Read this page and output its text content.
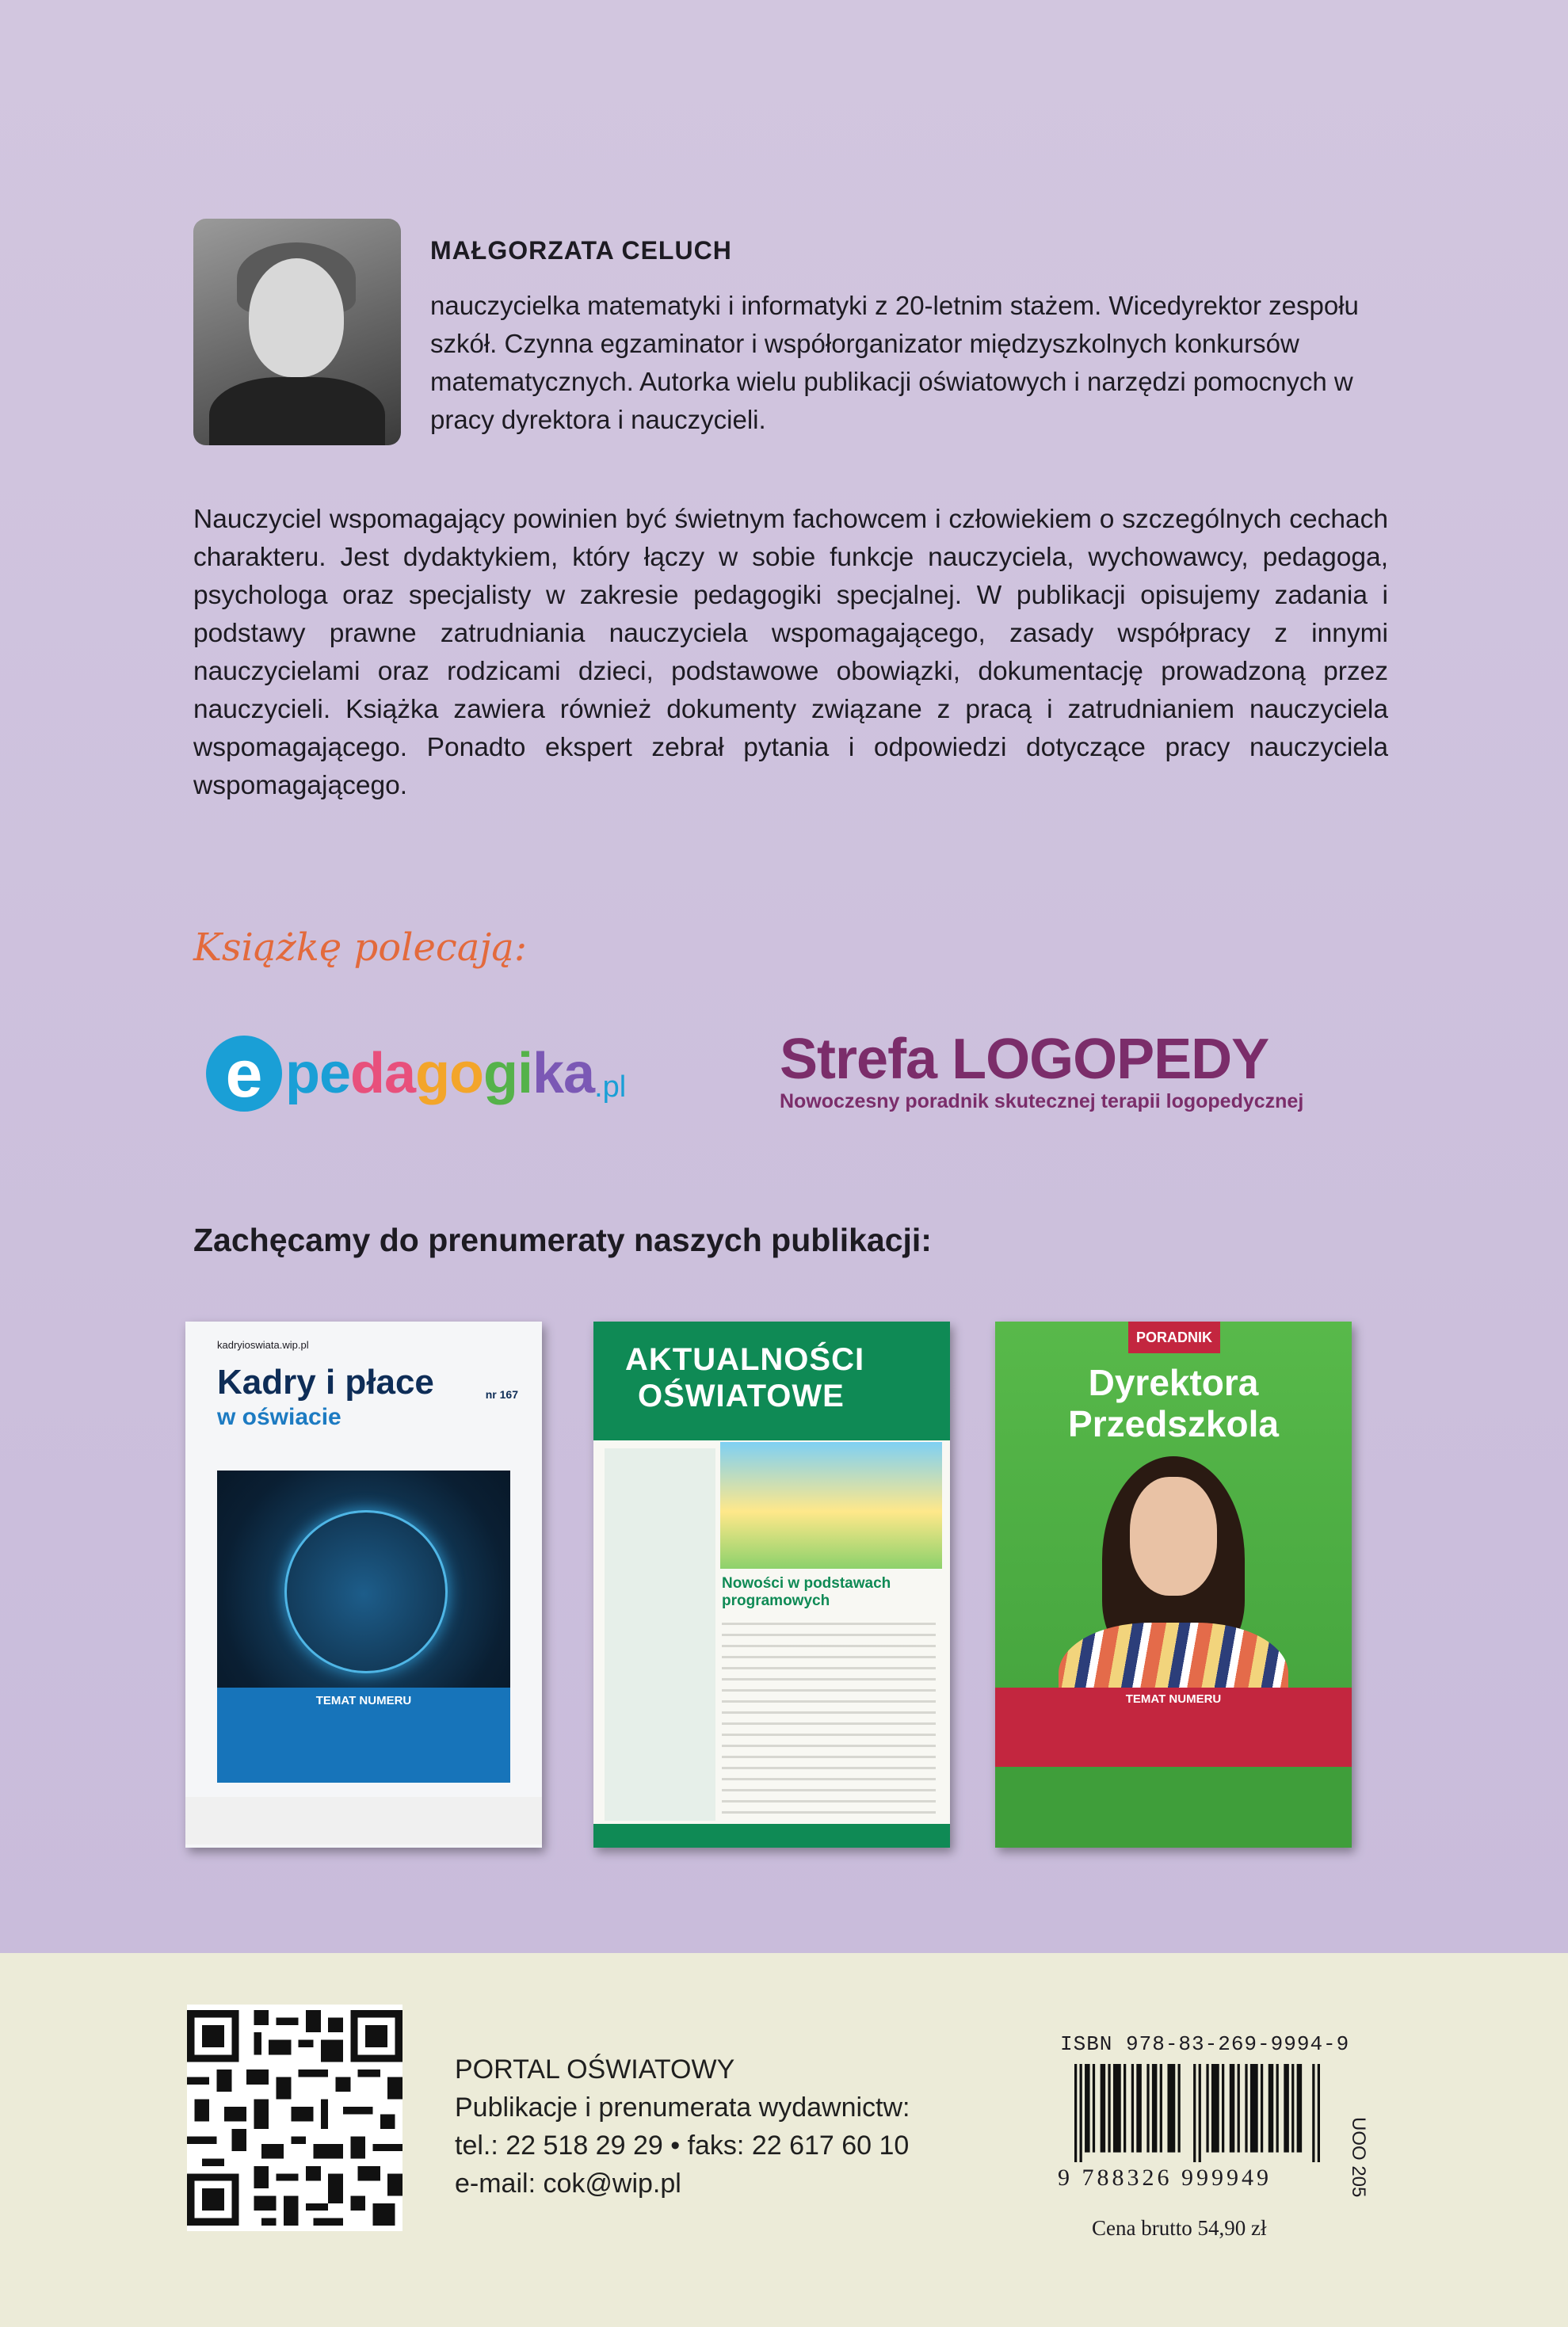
MAŁGORZATA CELUCH
nauczycielka matematyki i informatyki z 20-letnim stażem. Wicedyrektor zespołu szkół. Czynna egzaminator i współorganizator międzyszkolnych konkursów matematycznych. Autorka wielu publikacji oświatowych i narzędzi pomocnych w pracy dyrektora i nauczycieli.
Nauczyciel wspomagający powinien być świetnym fachowcem i człowiekiem o szczególnych cechach charakteru. Jest dydaktykiem, który łączy w sobie funkcje nauczyciela, wychowawcy, pedagoga, psychologa oraz specjalisty w zakresie pedagogiki specjalnej. W publikacji opisujemy zadania i podstawy prawne zatrudniania nauczyciela wspomagającego, zasady współpracy z innymi nauczycielami oraz rodzicami dzieci, podstawowe obowiązki, dokumentację prowadzoną przez nauczycieli. Książka zawiera również dokumenty związane z pracą i zatrudnianiem nauczyciela wspomagającego. Ponadto ekspert zebrał pytania i odpowiedzi dotyczące pracy nauczyciela wspomagającego.
Książkę polecają:
e pedagogika .pl	Strefa LOGOPEDY
Nowoczesny poradnik skutecznej terapii logopedycznej
Zachęcamy do prenumeraty naszych publikacji:
kadryioswiata.wip.pl
Kadry i płace
w oświacie
nr 167
TEMAT NUMERU
AKTUALNOŚCI
OŚWIATOWE
Nowości w podstawach programowych
PORADNIK
Dyrektora
Przedszkola
TEMAT NUMERU
PORTAL OŚWIATOWY
Publikacje i prenumerata wydawnictw:
tel.: 22 518 29 29 • faks: 22 617 60 10
e-mail: cok@wip.pl
ISBN 978-83-269-9994-9
9 788326 999949	UOO 205
Cena brutto 54,90 zł
